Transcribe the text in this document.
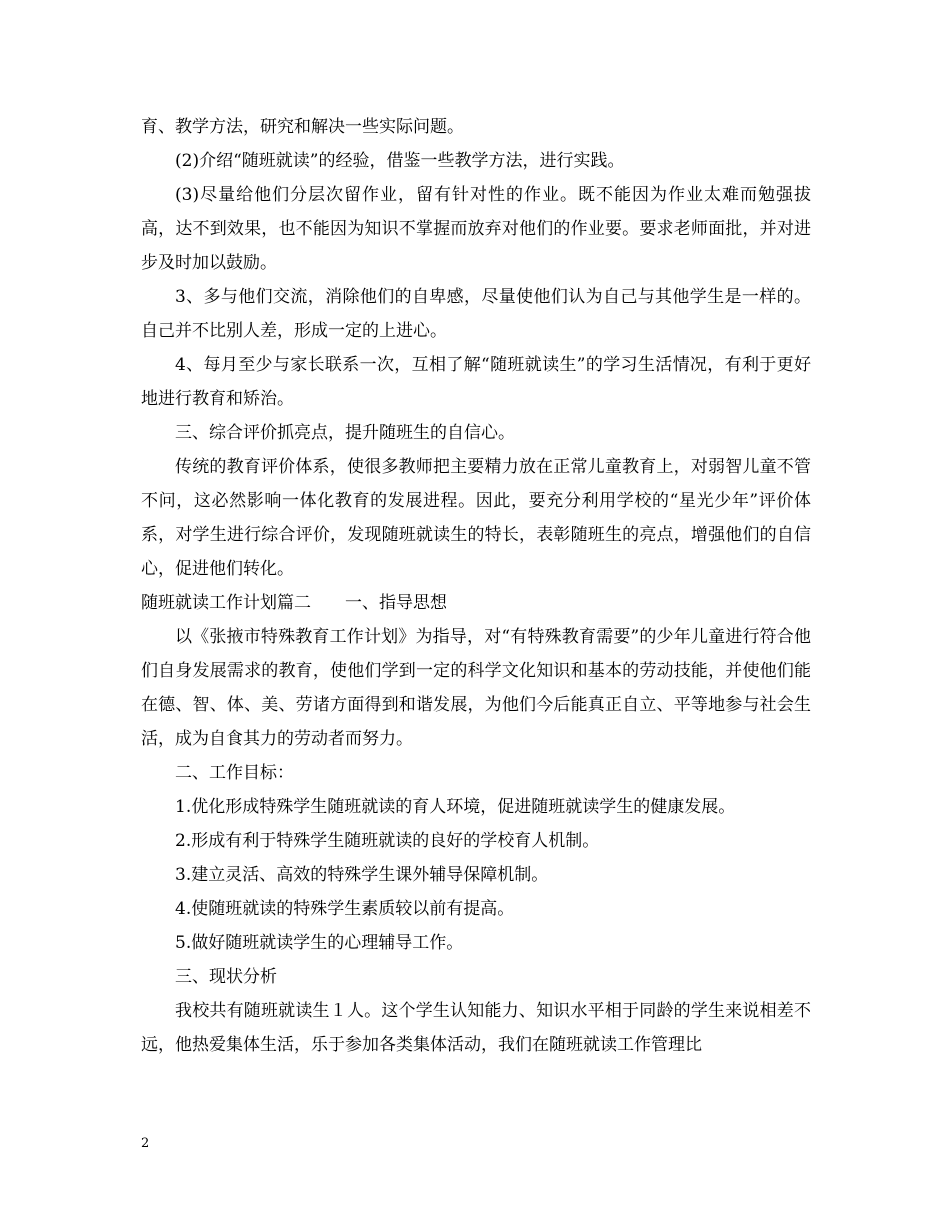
育、教学方法，研究和解决一些实际问题。

(2)介绍“随班就读”的经验，借鉴一些教学方法，进行实践。

(3)尽量给他们分层次留作业，留有针对性的作业。既不能因为作业太难而勉强拔高，达不到效果，也不能因为知识不掌握而放弃对他们的作业要。要求老师面批，并对进步及时加以鼓励。

3、多与他们交流，消除他们的自卑感，尽量使他们认为自己与其他学生是一样的。自己并不比别人差，形成一定的上进心。

4、每月至少与家长联系一次，互相了解“随班就读生”的学习生活情况，有利于更好地进行教育和矫治。

三、综合评价抓亮点，提升随班生的自信心。

传统的教育评价体系，使很多教师把主要精力放在正常儿童教育上，对弱智儿童不管不问，这必然影响一体化教育的发展进程。因此，要充分利用学校的“星光少年”评价体系，对学生进行综合评价，发现随班就读生的特长，表彰随班生的亮点，增强他们的自信心，促进他们转化。

随班就读工作计划篇二 一、指导思想

以《张掖市特殊教育工作计划》为指导，对“有特殊教育需要”的少年儿童进行符合他们自身发展需求的教育，使他们学到一定的科学文化知识和基本的劳动技能，并使他们能在德、智、体、美、劳诸方面得到和谐发展，为他们今后能真正自立、平等地参与社会生活，成为自食其力的劳动者而努力。

二、工作目标：

1.优化形成特殊学生随班就读的育人环境，促进随班就读学生的健康发展。

2.形成有利于特殊学生随班就读的良好的学校育人机制。

3.建立灵活、高效的特殊学生课外辅导保障机制。

4.使随班就读的特殊学生素质较以前有提高。

5.做好随班就读学生的心理辅导工作。

三、现状分析

我校共有随班就读生１人。这个学生认知能力、知识水平相于同龄的学生来说相差不远，他热爱集体生活，乐于参加各类集体活动，我们在随班就读工作管理比

2
